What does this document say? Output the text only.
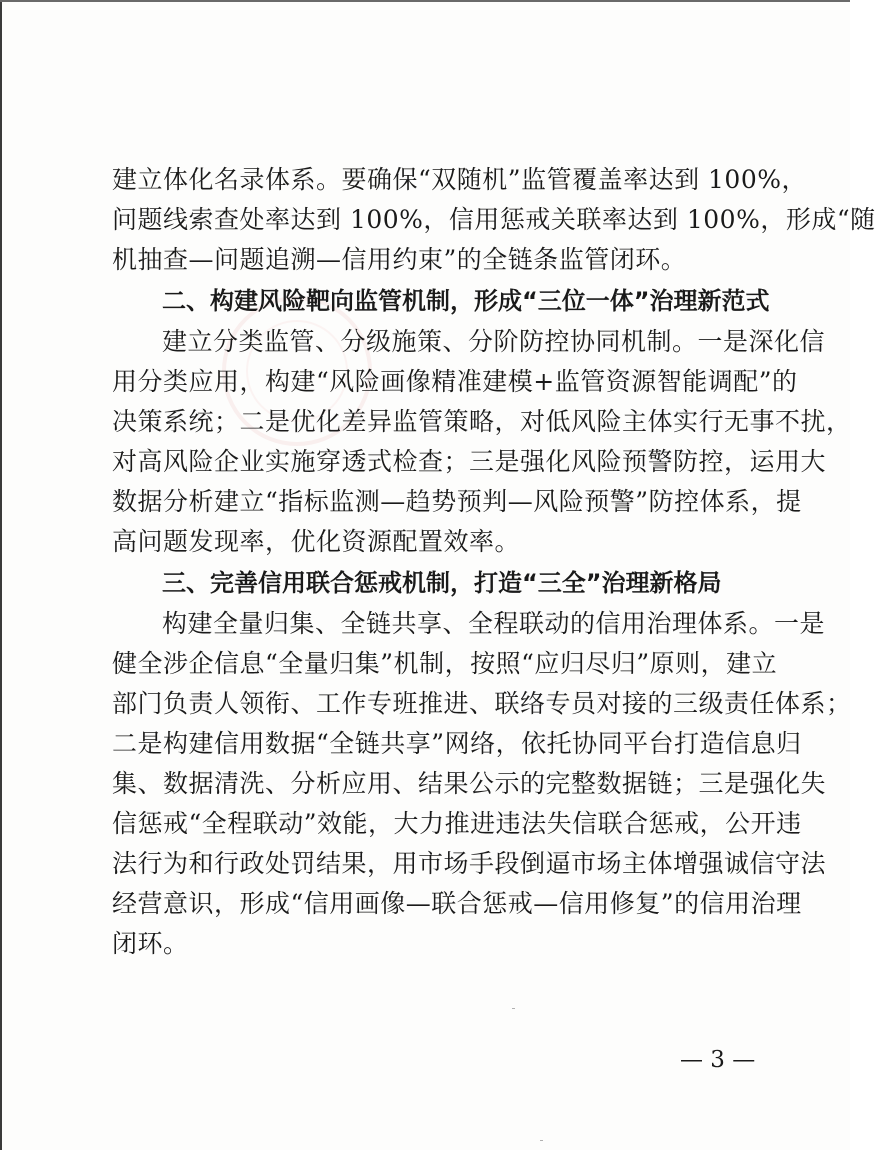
建立体化名录体系。要确保“双随机”监管覆盖率达到 100%，
问题线索查处率达到 100%，信用惩戒关联率达到 100%，形成“随
机抽查—问题追溯—信用约束”的全链条监管闭环。
二、构建风险靶向监管机制，形成“三位一体”治理新范式
建立分类监管、分级施策、分阶防控协同机制。一是深化信
用分类应用，构建“风险画像精准建模+监管资源智能调配”的
决策系统；二是优化差异监管策略，对低风险主体实行无事不扰，
对高风险企业实施穿透式检查；三是强化风险预警防控，运用大
数据分析建立“指标监测—趋势预判—风险预警”防控体系，提
高问题发现率，优化资源配置效率。
三、完善信用联合惩戒机制，打造“三全”治理新格局
构建全量归集、全链共享、全程联动的信用治理体系。一是
健全涉企信息“全量归集”机制，按照“应归尽归”原则，建立
部门负责人领衔、工作专班推进、联络专员对接的三级责任体系；
二是构建信用数据“全链共享”网络，依托协同平台打造信息归
集、数据清洗、分析应用、结果公示的完整数据链；三是强化失
信惩戒“全程联动”效能，大力推进违法失信联合惩戒，公开违
法行为和行政处罚结果，用市场手段倒逼市场主体增强诚信守法
经营意识，形成“信用画像—联合惩戒—信用修复”的信用治理
闭环。
— 3 —
